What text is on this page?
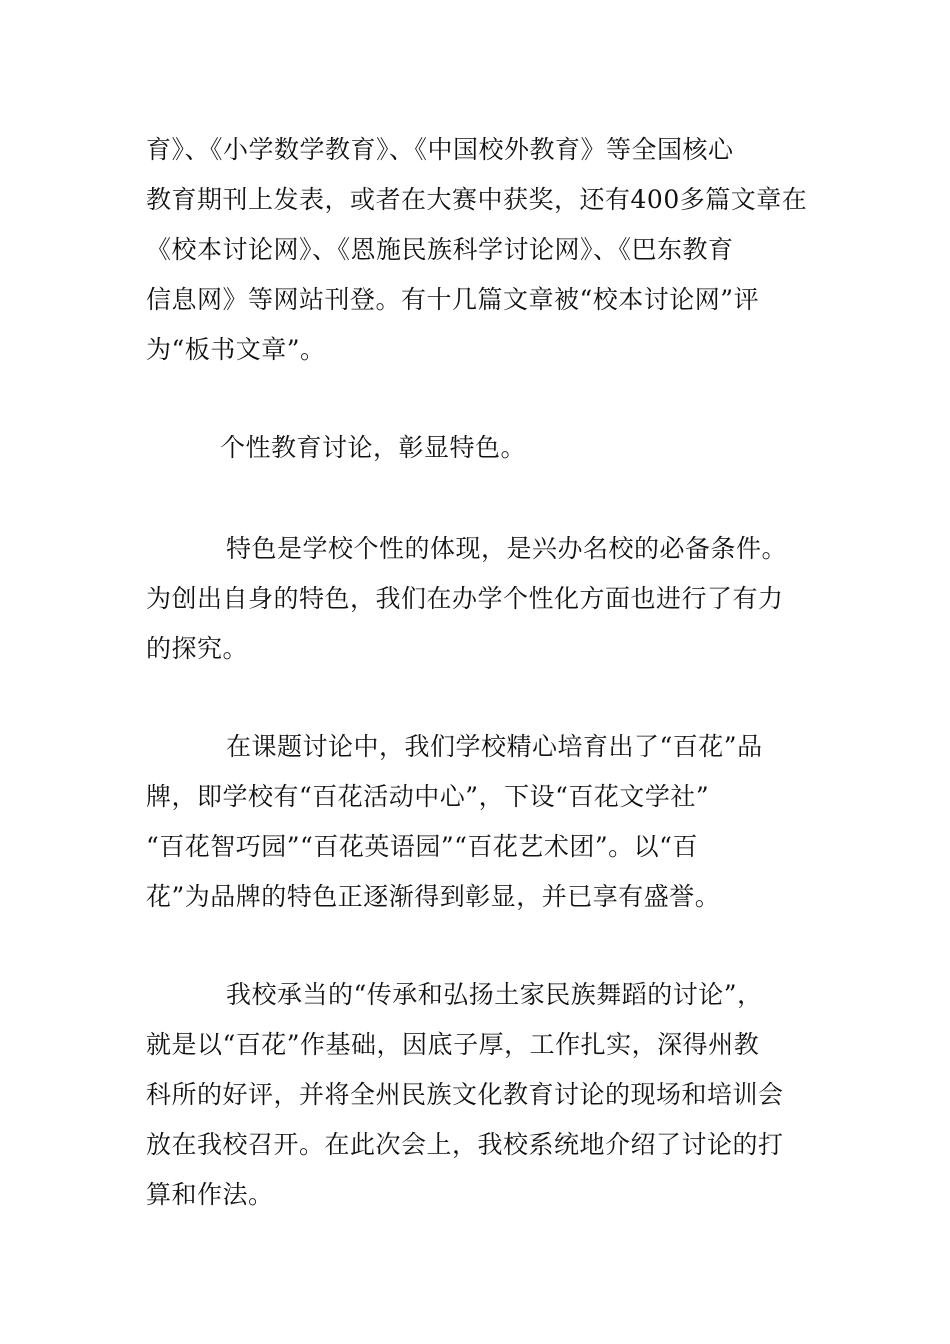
育》、《小学数学教育》、《中国校外教育》等全国核心
教育期刊上发表，或者在大赛中获奖，还有400多篇文章在
《校本讨论网》、《恩施民族科学讨论网》、《巴东教育
信息网》等网站刊登。有十几篇文章被“校本讨论网”评
为“板书文章”。
个性教育讨论，彰显特色。
特色是学校个性的体现，是兴办名校的必备条件。
为创出自身的特色，我们在办学个性化方面也进行了有力
的探究。
在课题讨论中，我们学校精心培育出了“百花”品
牌，即学校有“百花活动中心”，下设“百花文学社”
“百花智巧园”“百花英语园”“百花艺术团”。以“百
花”为品牌的特色正逐渐得到彰显，并已享有盛誉。
我校承当的“传承和弘扬土家民族舞蹈的讨论”，
就是以“百花”作基础，因底子厚，工作扎实，深得州教
科所的好评，并将全州民族文化教育讨论的现场和培训会
放在我校召开。在此次会上，我校系统地介绍了讨论的打
算和作法。
